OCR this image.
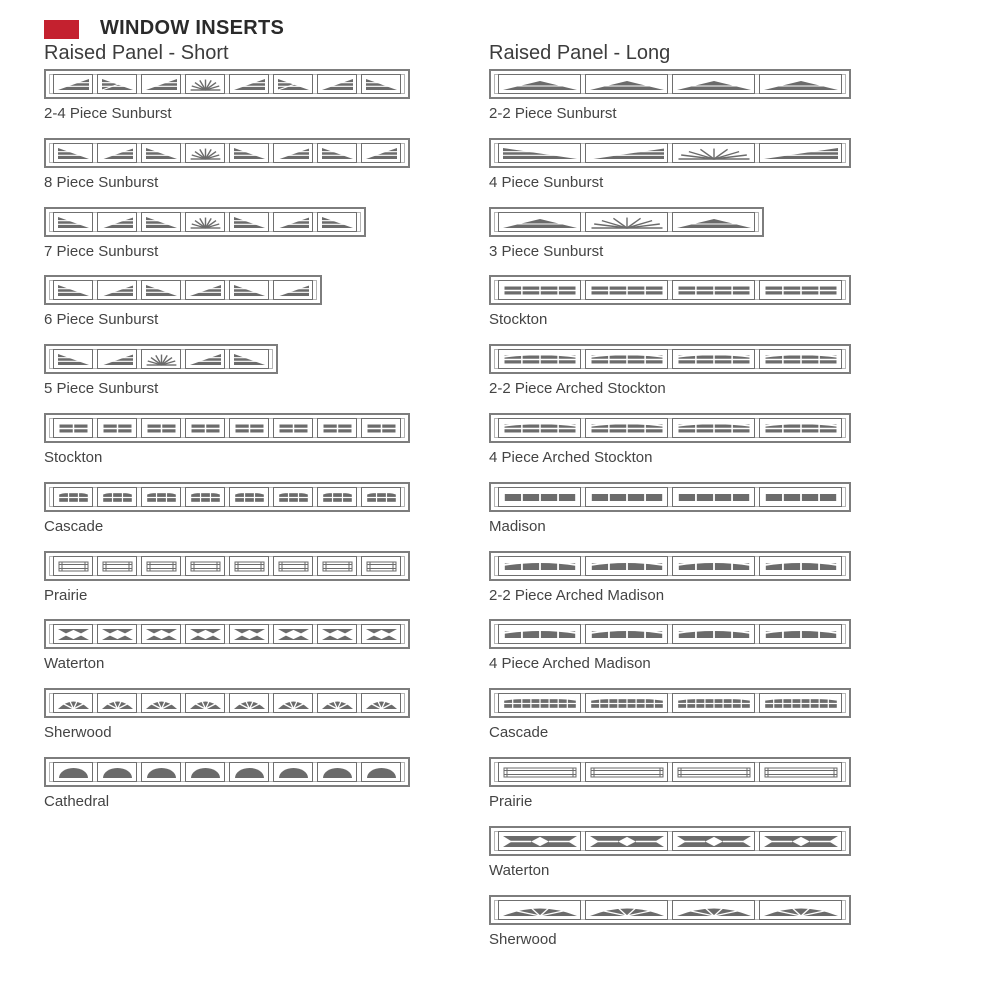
WINDOW INSERTS
Raised Panel - Short	Raised Panel - Long
2-4 Piece Sunburst
8 Piece Sunburst
7 Piece Sunburst
6 Piece Sunburst
5 Piece Sunburst
Stockton
Cascade
Prairie
Waterton
Sherwood
Cathedral
2-2 Piece Sunburst
4 Piece Sunburst
3 Piece Sunburst
Stockton
2-2 Piece Arched Stockton
4 Piece Arched Stockton
Madison
2-2 Piece Arched Madison
4 Piece Arched Madison
Cascade
Prairie
Waterton
Sherwood
